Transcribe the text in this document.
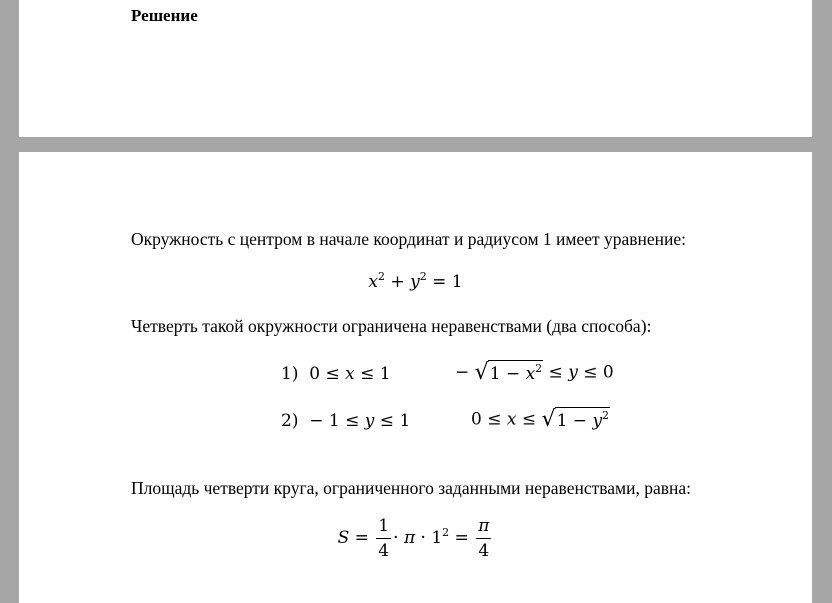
Решение
Окружность с центром в начале координат и радиусом 1 имеет уравнение:
$x^2 + y^2 = 1$
Четверть такой окружности ограничена неравенствами (два способа):
1) 0 ≤ x ≤ 1	− √ $1 - x^2 \le y \le 0$
2) − 1 ≤ y ≤ 1	0 ≤ x ≤ √ $1 - y^2$
Площадь четверти круга, ограниченного заданными неравенствами, равна:
$S = \frac{1}{4} \cdot \pi \cdot 1^2 = \frac{\pi}{4}$
